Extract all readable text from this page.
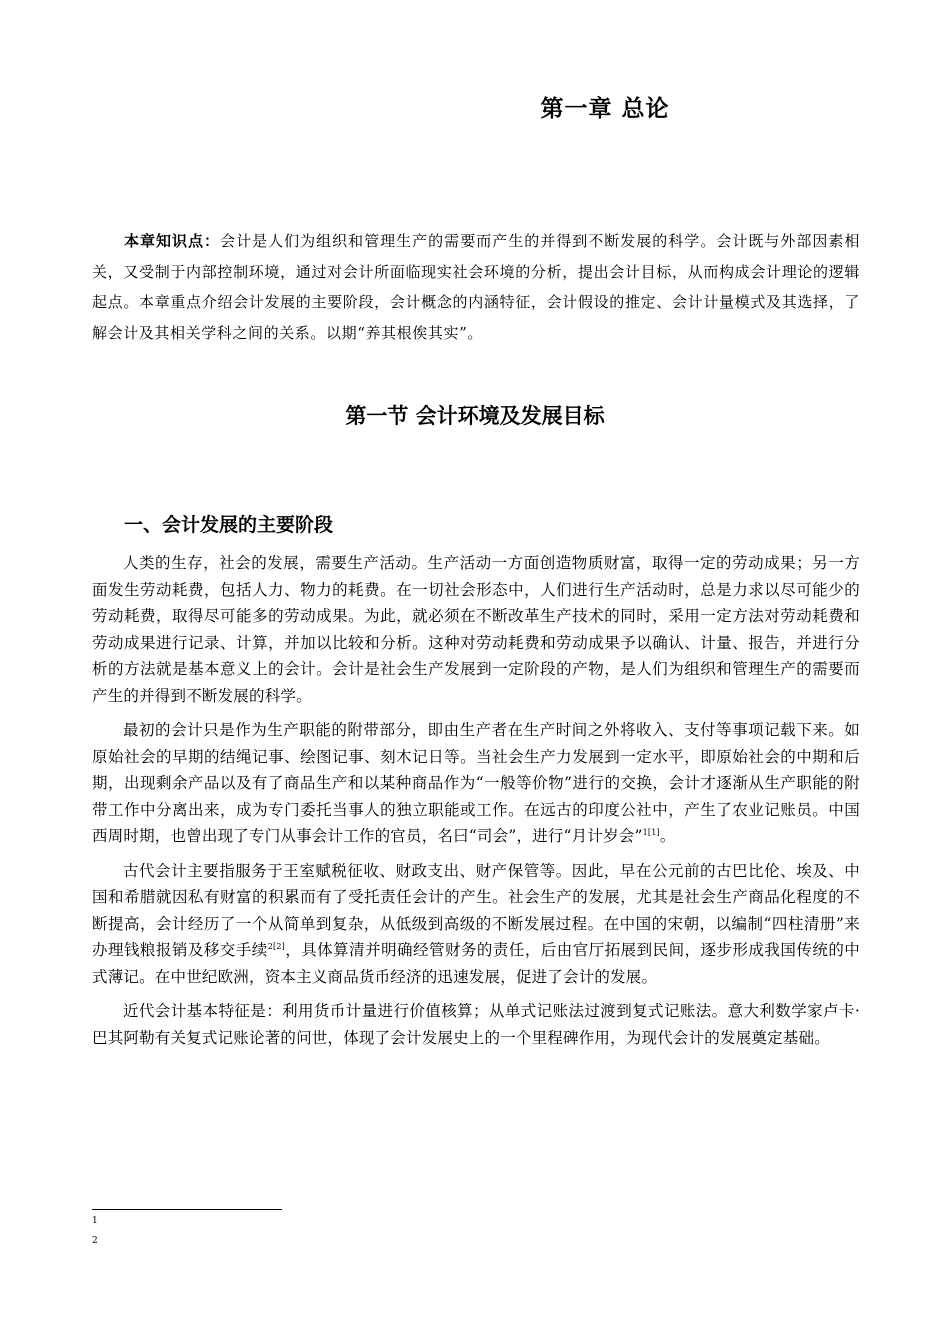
第一章 总论

本章知识点：会计是人们为组织和管理生产的需要而产生的并得到不断发展的科学。会计既与外部因素相关，又受制于内部控制环境，通过对会计所面临现实社会环境的分析，提出会计目标，从而构成会计理论的逻辑起点。本章重点介绍会计发展的主要阶段，会计概念的内涵特征，会计假设的推定、会计计量模式及其选择，了解会计及其相关学科之间的关系。以期“养其根俟其实”。

第一节 会计环境及发展目标
一、会计发展的主要阶段

人类的生存，社会的发展，需要生产活动。生产活动一方面创造物质财富，取得一定的劳动成果；另一方面发生劳动耗费，包括人力、物力的耗费。在一切社会形态中，人们进行生产活动时，总是力求以尽可能少的劳动耗费，取得尽可能多的劳动成果。为此，就必须在不断改革生产技术的同时，采用一定方法对劳动耗费和劳动成果进行记录、计算，并加以比较和分析。这种对劳动耗费和劳动成果予以确认、计量、报告，并进行分析的方法就是基本意义上的会计。会计是社会生产发展到一定阶段的产物，是人们为组织和管理生产的需要而产生的并得到不断发展的科学。

最初的会计只是作为生产职能的附带部分，即由生产者在生产时间之外将收入、支付等事项记载下来。如原始社会的早期的结绳记事、绘图记事、刻木记日等。当社会生产力发展到一定水平，即原始社会的中期和后期，出现剩余产品以及有了商品生产和以某种商品作为“一般等价物”进行的交换，会计才逐渐从生产职能的附带工作中分离出来，成为专门委托当事人的独立职能或工作。在远古的印度公社中，产生了农业记账员。中国西周时期，也曾出现了专门从事会计工作的官员，名曰“司会”，进行“月计岁会”$^{1[1]}$。

古代会计主要指服务于王室赋税征收、财政支出、财产保管等。因此，早在公元前的古巴比伦、埃及、中国和希腊就因私有财富的积累而有了受托责任会计的产生。社会生产的发展，尤其是社会生产商品化程度的不断提高，会计经历了一个从简单到复杂，从低级到高级的不断发展过程。在中国的宋朝，以编制“四柱清册”来办理钱粮报销及移交手续$^{2[2]}$，具体算清并明确经管财务的责任，后由官厅拓展到民间，逐步形成我国传统的中式薄记。在中世纪欧洲，资本主义商品货币经济的迅速发展，促进了会计的发展。

近代会计基本特征是：利用货币计量进行价值核算；从单式记账法过渡到复式记账法。意大利数学家卢卡·巴其阿勒有关复式记账论著的问世，体现了会计发展史上的一个里程碑作用，为现代会计的发展奠定基础。

1
2
